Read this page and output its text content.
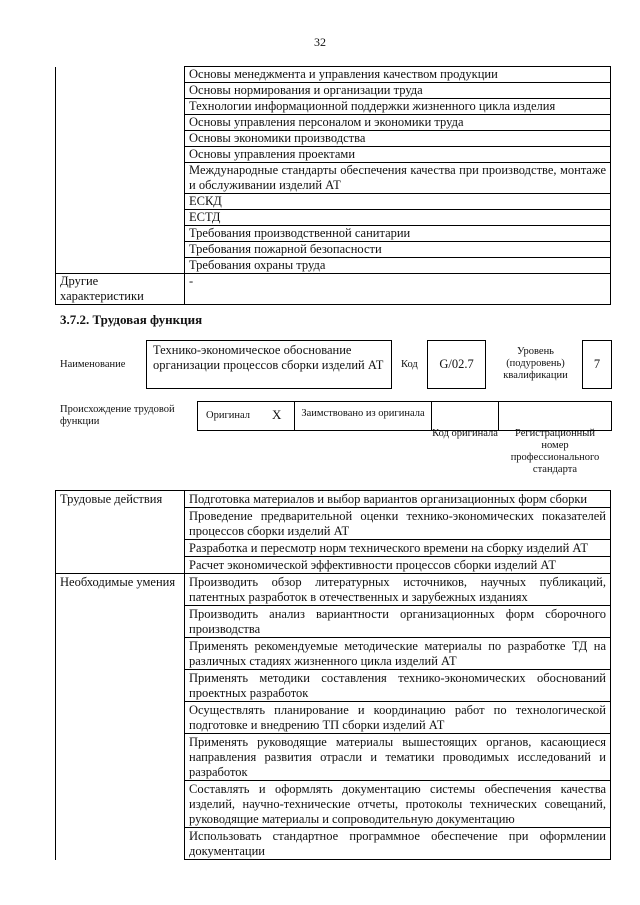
32
	Основы менеджмента и управления качеством продукции
	Основы нормирования и организации труда
	Технологии информационной поддержки жизненного цикла изделия
	Основы управления персоналом и экономики труда
	Основы экономики производства
	Основы управления проектами
	Международные стандарты обеспечения качества при производстве, монтаже и обслуживании изделий АТ
	ЕСКД
	ЕСТД
	Требования производственной санитарии
	Требования пожарной безопасности
	Требования охраны труда
Другие характеристики	-
3.7.2. Трудовая функция
Наименование
Технико-экономическое обоснование организации процессов сборки изделий АТ	Код	G/02.7
Уровень (подуровень) квалификации
7
Происхождение трудовой функции
Оригинал X	Заимствовано из оригинала
Код оригинала	Регистрационный номер профессионального стандарта
Трудовые действия	Подготовка материалов и выбор вариантов организационных форм сборки
	Проведение предварительной оценки технико-экономических показателей процессов сборки изделий АТ
	Разработка и пересмотр норм технического времени на сборку изделий АТ
	Расчет экономической эффективности процессов сборки изделий АТ
Необходимые умения	Производить обзор литературных источников, научных публикаций, патентных разработок в отечественных и зарубежных изданиях
	Производить анализ вариантности организационных форм сборочного производства
	Применять рекомендуемые методические материалы по разработке ТД на различных стадиях жизненного цикла изделий АТ
	Применять методики составления технико-экономических обоснований проектных разработок
	Осуществлять планирование и координацию работ по технологической подготовке и внедрению ТП сборки изделий АТ
	Применять руководящие материалы вышестоящих органов, касающиеся направления развития отрасли и тематики проводимых исследований и разработок
	Составлять и оформлять документацию системы обеспечения качества изделий, научно-технические отчеты, протоколы технических совещаний, руководящие материалы и сопроводительную документацию
	Использовать стандартное программное обеспечение при оформлении документации
